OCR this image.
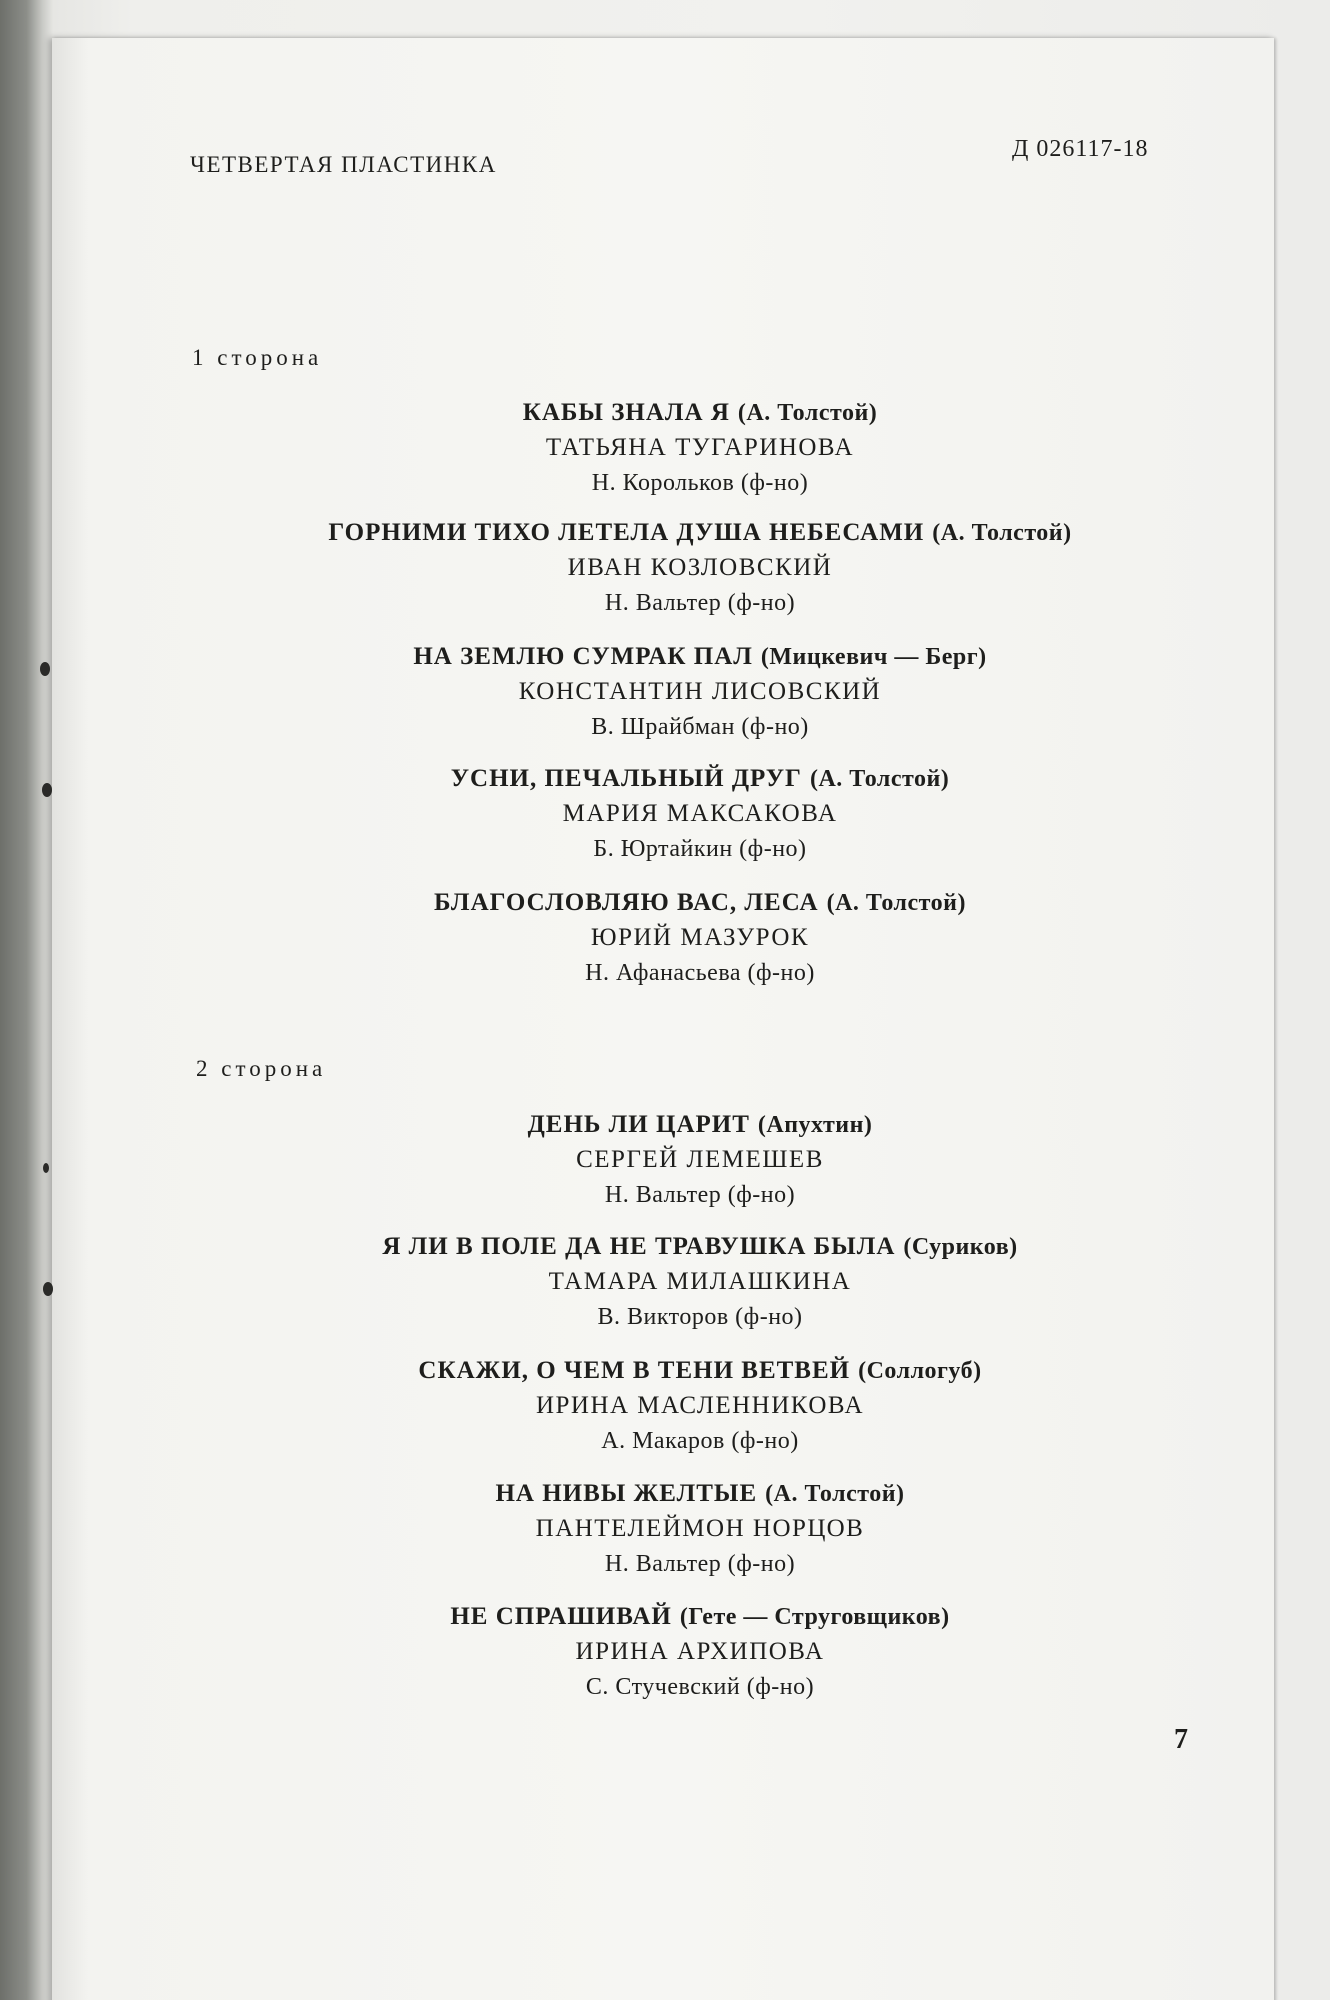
ЧЕТВЕРТАЯ ПЛАСТИНКА
Д 026117-18
1 сторона
КАБЫ ЗНАЛА Я (А. Толстой)
ТАТЬЯНА ТУГАРИНОВА
Н. Корольков (ф-но)
ГОРНИМИ ТИХО ЛЕТЕЛА ДУША НЕБЕСАМИ (А. Толстой)
ИВАН КОЗЛОВСКИЙ
Н. Вальтер (ф-но)
НА ЗЕМЛЮ СУМРАК ПАЛ (Мицкевич — Берг)
КОНСТАНТИН ЛИСОВСКИЙ
В. Шрайбман (ф-но)
УСНИ, ПЕЧАЛЬНЫЙ ДРУГ (А. Толстой)
МАРИЯ МАКСАКОВА
Б. Юртайкин (ф-но)
БЛАГОСЛОВЛЯЮ ВАС, ЛЕСА (А. Толстой)
ЮРИЙ МАЗУРОК
Н. Афанасьева (ф-но)
2 сторона
ДЕНЬ ЛИ ЦАРИТ (Апухтин)
СЕРГЕЙ ЛЕМЕШЕВ
Н. Вальтер (ф-но)
Я ЛИ В ПОЛЕ ДА НЕ ТРАВУШКА БЫЛА (Суриков)
ТАМАРА МИЛАШКИНА
В. Викторов (ф-но)
СКАЖИ, О ЧЕМ В ТЕНИ ВЕТВЕЙ (Соллогуб)
ИРИНА МАСЛЕННИКОВА
А. Макаров (ф-но)
НА НИВЫ ЖЕЛТЫЕ (А. Толстой)
ПАНТЕЛЕЙМОН НОРЦОВ
Н. Вальтер (ф-но)
НЕ СПРАШИВАЙ (Гете — Струговщиков)
ИРИНА АРХИПОВА
С. Стучевский (ф-но)
7
